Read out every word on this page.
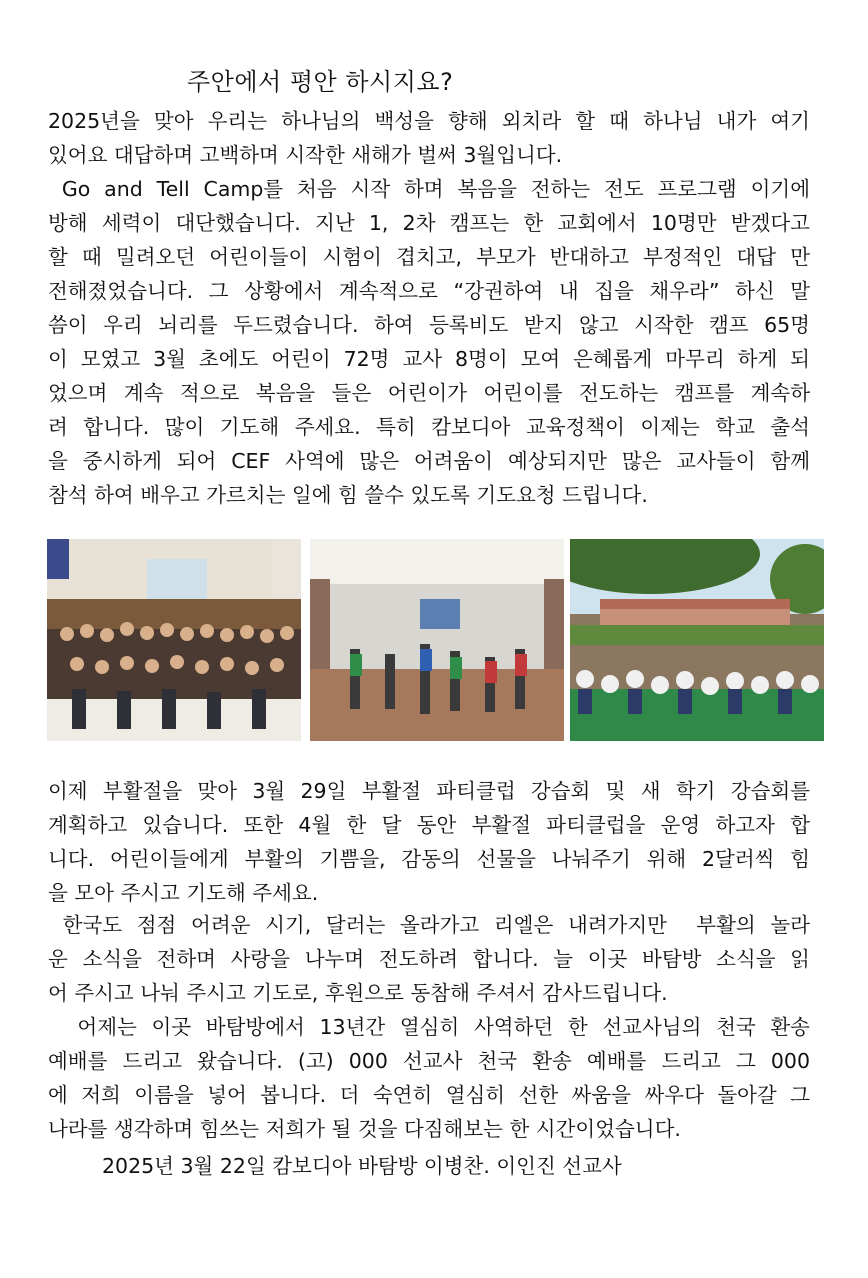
주안에서 평안 하시지요?
2025년을 맞아 우리는 하나님의 백성을 향해 외치라 할 때 하나님 내가 여기
있어요 대답하며 고백하며 시작한 새해가 벌써 3월입니다.
Go and Tell Camp를 처음 시작 하며 복음을 전하는 전도 프로그램 이기에
방해 세력이 대단했습니다. 지난 1, 2차 캠프는 한 교회에서 10명만 받겠다고
할 때 밀려오던 어린이들이 시험이 겹치고, 부모가 반대하고 부정적인 대답 만
전해졌었습니다. 그 상황에서 계속적으로 “강권하여 내 집을 채우라” 하신 말
씀이 우리 뇌리를 두드렸습니다. 하여 등록비도 받지 않고 시작한 캠프 65명
이 모였고 3월 초에도 어린이 72명 교사 8명이 모여 은혜롭게 마무리 하게 되
었으며 계속 적으로 복음을 들은 어린이가 어린이를 전도하는 캠프를 계속하
려 합니다. 많이 기도해 주세요. 특히 캄보디아 교육정책이 이제는 학교 출석
을 중시하게 되어 CEF 사역에 많은 어려움이 예상되지만 많은 교사들이 함께
참석 하여 배우고 가르치는 일에 힘 쓸수 있도록 기도요청 드립니다.
이제 부활절을 맞아 3월 29일 부활절 파티클럽 강습회 및 새 학기 강습회를
계획하고 있습니다. 또한 4월 한 달 동안 부활절 파티클럽을 운영 하고자 합
니다. 어린이들에게 부활의 기쁨을, 감동의 선물을 나눠주기 위해 2달러씩 힘
을 모아 주시고 기도해 주세요.
한국도 점점 어려운 시기, 달러는 올라가고 리엘은 내려가지만  부활의 놀라
운 소식을 전하며 사랑을 나누며 전도하려 합니다. 늘 이곳 바탐방 소식을 읽
어 주시고 나눠 주시고 기도로, 후원으로 동참해 주셔서 감사드립니다.
어제는 이곳 바탐방에서 13년간 열심히 사역하던 한 선교사님의 천국 환송
예배를 드리고 왔습니다. (고) 000 선교사 천국 환송 예배를 드리고 그 000
에 저희 이름을 넣어 봅니다. 더 숙연히 열심히 선한 싸움을 싸우다 돌아갈 그
나라를 생각하며 힘쓰는 저희가 될 것을 다짐해보는 한 시간이었습니다.
2025년 3월 22일 캄보디아 바탐방 이병찬. 이인진 선교사
